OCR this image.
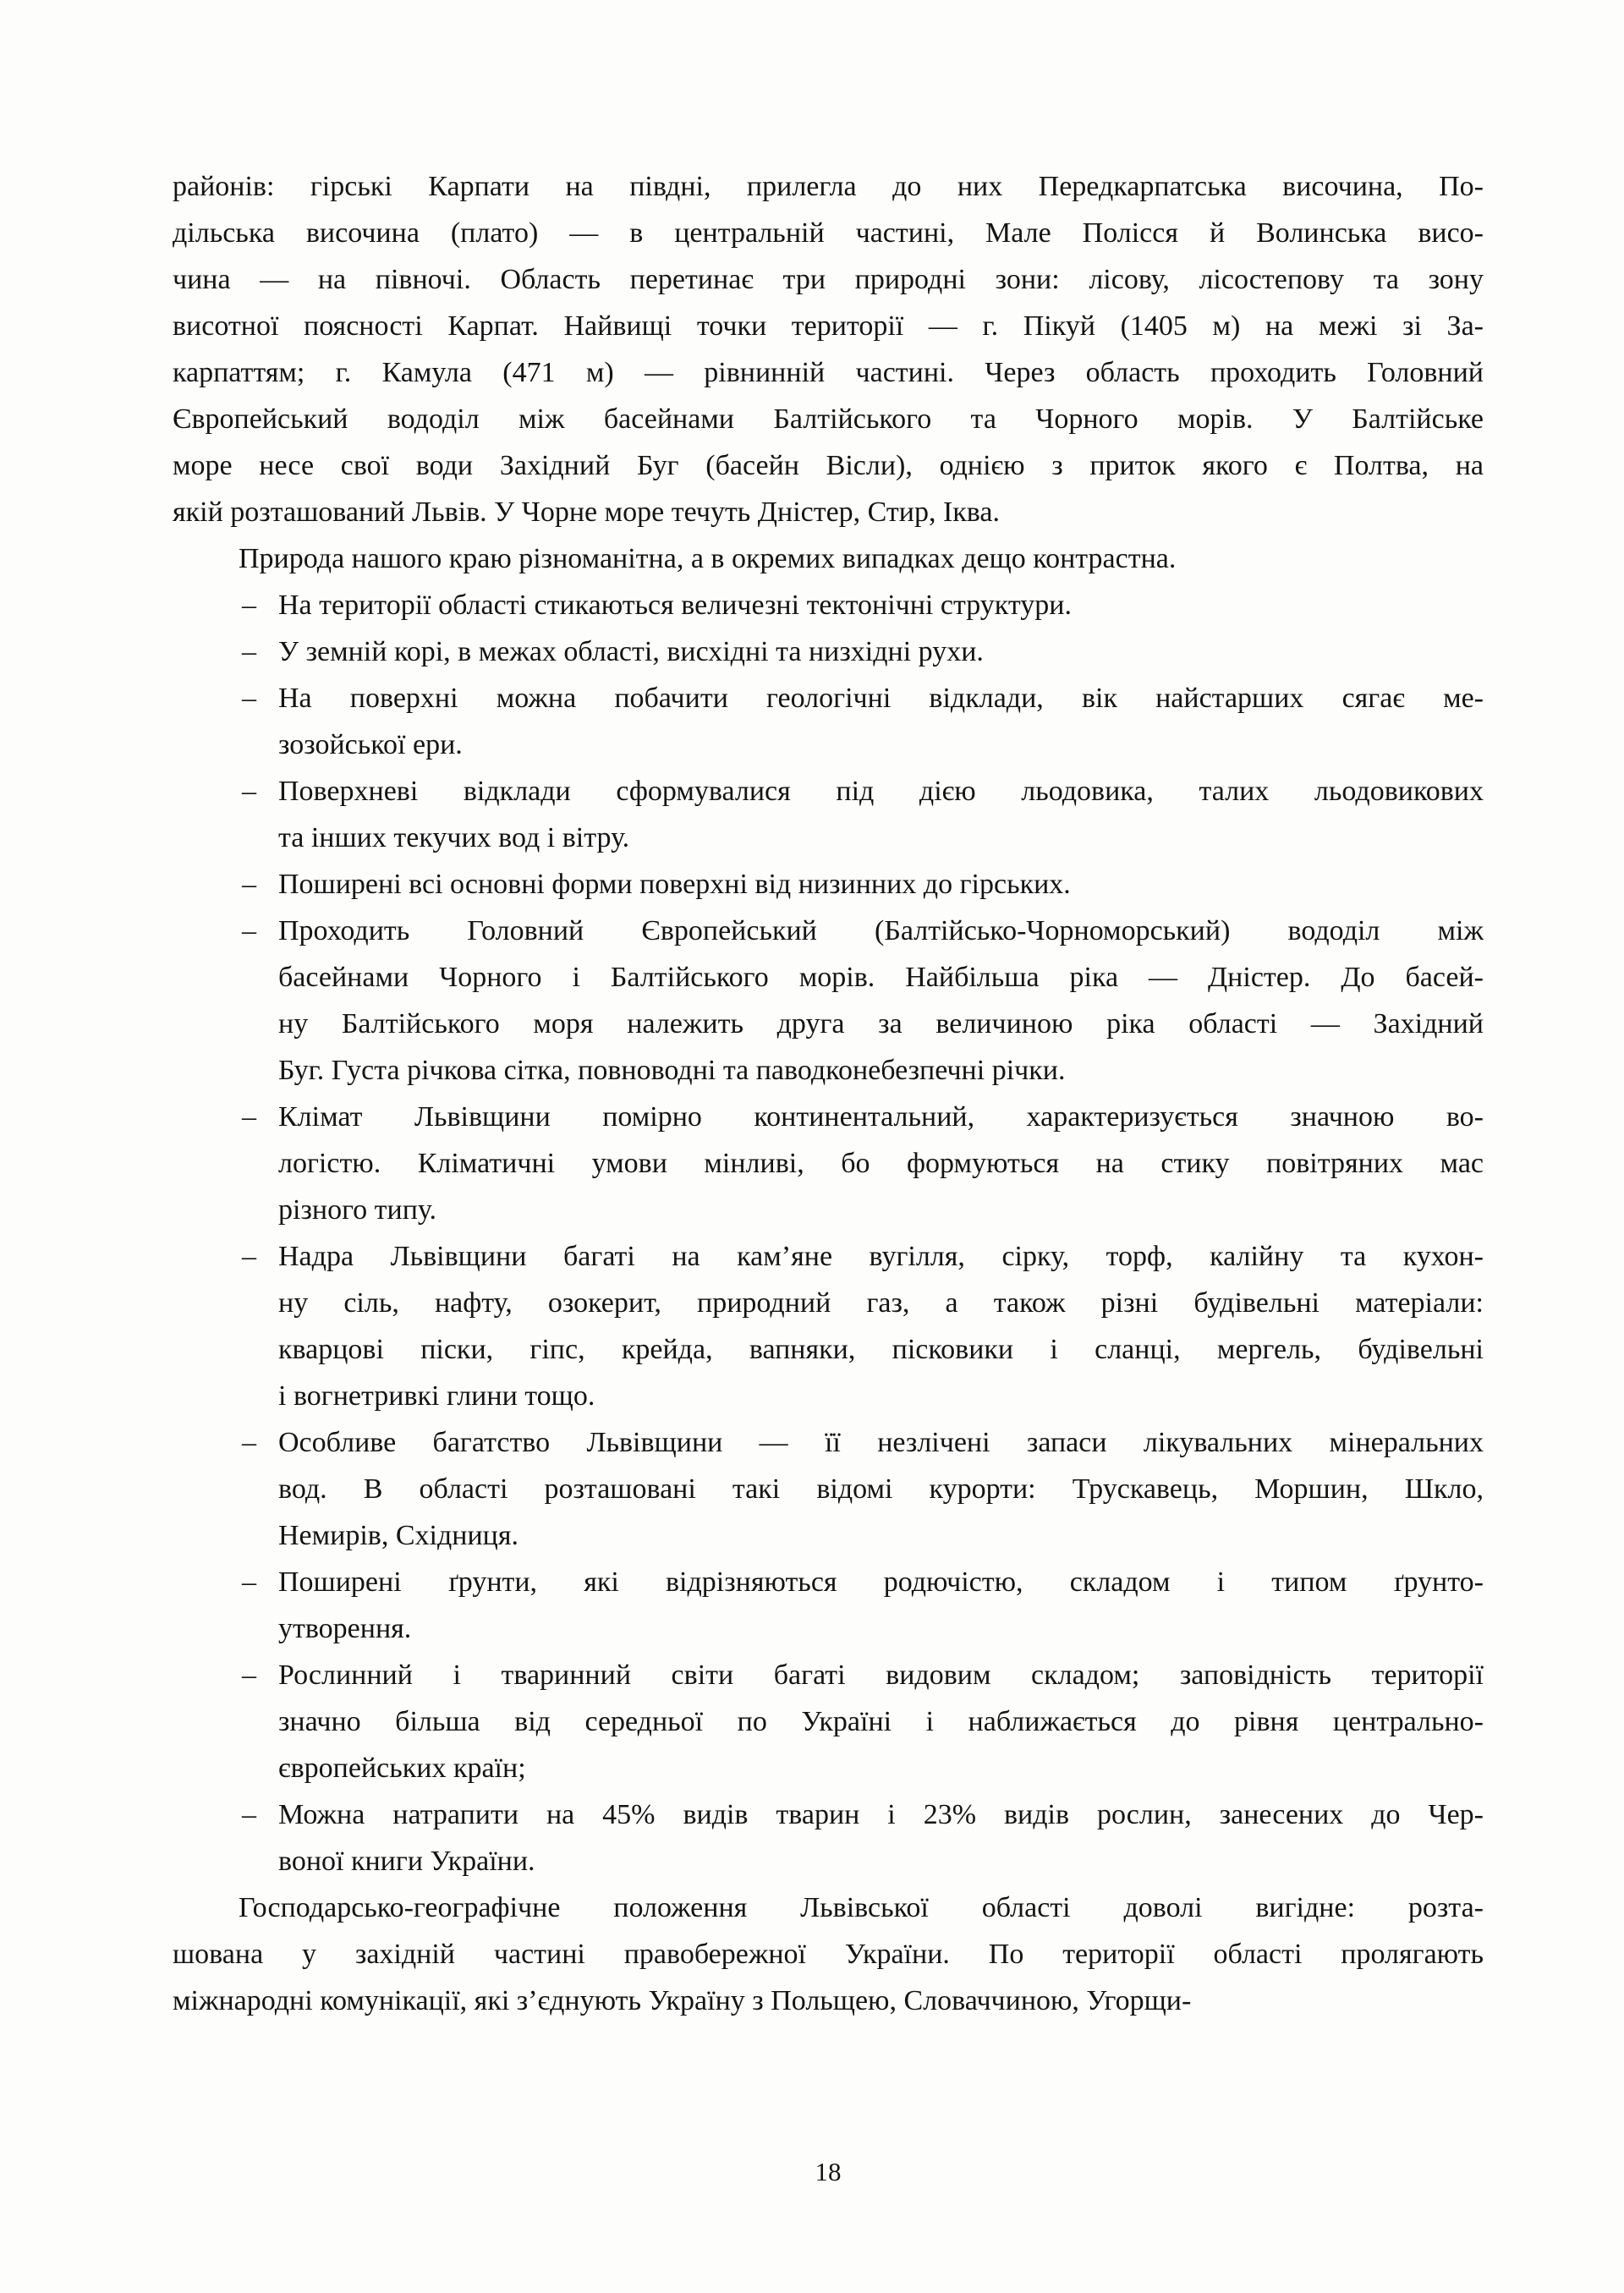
районів: гірські Карпати на півдні, прилегла до них Передкарпатська височина, По-
дільська височина (плато) — в центральній частині, Мале Полісся й Волинська висо-
чина — на півночі. Область перетинає три природні зони: лісову, лісостепову та зону
висотної поясності Карпат. Найвищі точки території — г. Пікуй (1405 м) на межі зі За-
карпаттям; г. Камула (471 м) — рівнинній частині. Через область проходить Головний
Європейський вододіл між басейнами Балтійського та Чорного морів. У Балтійське
море несе свої води Західний Буг (басейн Вісли), однією з приток якого є Полтва, на
якій розташований Львів. У Чорне море течуть Дністер, Стир, Іква.
Природа нашого краю різноманітна, а в окремих випадках дещо контрастна.
– На території області стикаються величезні тектонічні структури.
– У земній корі, в межах області, висхідні та низхідні рухи.
– На поверхні можна побачити геологічні відклади, вік найстарших сягає ме-
зозойської ери.
– Поверхневі відклади сформувалися під дією льодовика, талих льодовикових
та інших текучих вод і вітру.
– Поширені всі основні форми поверхні від низинних до гірських.
– Проходить Головний Європейський (Балтійсько-Чорноморський) вододіл між
басейнами Чорного і Балтійського морів. Найбільша ріка — Дністер. До басей-
ну Балтійського моря належить друга за величиною ріка області — Західний
Буг. Густа річкова сітка, повноводні та паводконебезпечні річки.
– Клімат Львівщини помірно континентальний, характеризується значною во-
логістю. Кліматичні умови мінливі, бо формуються на стику повітряних мас
різного типу.
– Надра Львівщини багаті на кам’яне вугілля, сірку, торф, калійну та кухон-
ну сіль, нафту, озокерит, природний газ, а також різні будівельні матеріали:
кварцові піски, гіпс, крейда, вапняки, пісковики і сланці, мергель, будівельні
і вогнетривкі глини тощо.
– Особливе багатство Львівщини — її незлічені запаси лікувальних мінеральних
вод. В області розташовані такі відомі курорти: Трускавець, Моршин, Шкло,
Немирів, Східниця.
– Поширені ґрунти, які відрізняються родючістю, складом і типом ґрунто-
утворення.
– Рослинний і тваринний світи багаті видовим складом; заповідність території
значно більша від середньої по Україні і наближається до рівня центрально-
європейських країн;
– Можна натрапити на 45% видів тварин і 23% видів рослин, занесених до Чер-
воної книги України.
Господарсько-географічне положення Львівської області доволі вигідне: розта-
шована у західній частині правобережної України. По території області пролягають
міжнародні комунікації, які з’єднують Україну з Польщею, Словаччиною, Угорщи-
18
